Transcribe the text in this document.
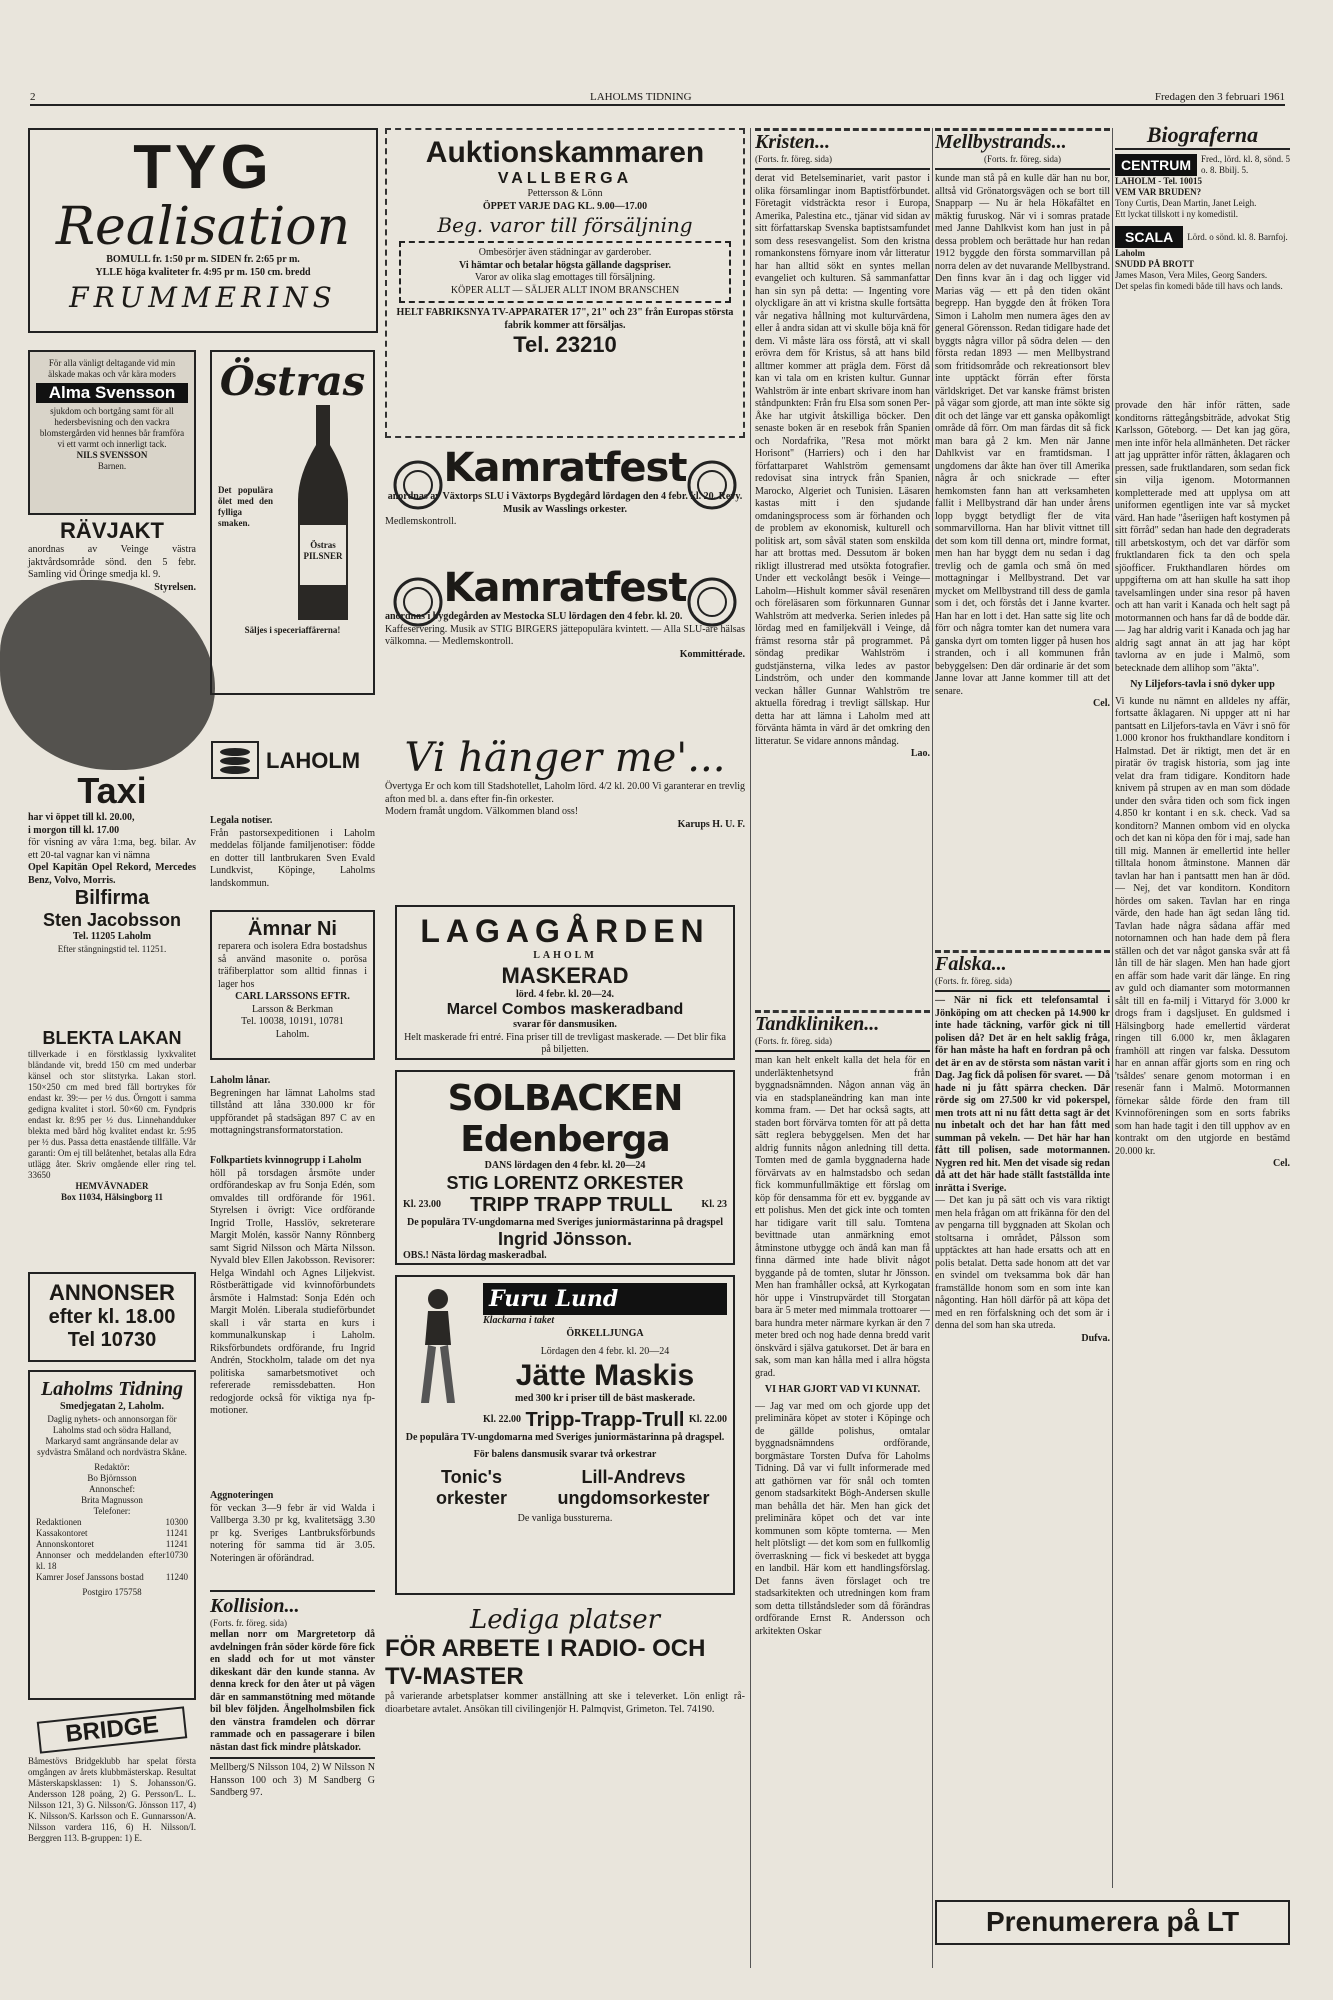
2	LAHOLMS TIDNING	Fredagen den 3 februari 1961
TYG
Realisation
BOMULL fr. 1:50 pr m. SIDEN fr. 2:65 pr m.
YLLE höga kvaliteter fr. 4:95 pr m. 150 cm. bredd
FRUMMERINS
För alla vänligt deltagande vid min älskade makas och vår kära moders
Alma Svensson
sjukdom och bortgång samt för all hedersbevisning och den vackra blomstergården vid hennes bår framföra vi ett varmt och innerligt tack.
NILS SVENSSON
Barnen.
RÄVJAKT
anordnas av Veinge västra jaktvårdsområde sönd. den 5 febr. Samling vid Öringe smedja kl. 9.
Styrelsen.
Taxi
har vi öppet till kl. 20.00,
i morgon till kl. 17.00
för visning av våra 1:ma, beg. bilar. Av ett 20-tal vagnar kan vi nämna
Opel Kapitän Opel Rekord, Mercedes Benz, Volvo, Morris.
Bilfirma
Sten Jacobsson
Tel. 11205 Laholm
Efter stängningstid tel. 11251.
BLEKTA LAKAN
tillverkade i en förstklassig lyxkvalitet bländande vit, bredd 150 cm med underbar känsel och stor slitstyrka. Lakan storl. 150×250 cm med bred fåll bortrykes för endast kr. 39:— per ½ dus. Örngott i samma gedigna kvalitet i storl. 50×60 cm. Fyndpris endast kr. 8:95 per ½ dus. Linnehandduker blekta med bård hög kvalitet endast kr. 5:95 per ½ dus. Passa detta enastående tillfälle. Vår garanti: Om ej till belåtenhet, betalas alla Edra utlägg åter. Skriv omgående eller ring tel. 33650
HEMVÄVNADER
Box 11034, Hälsingborg 11
ANNONSER
efter kl. 18.00
Tel 10730
Laholms Tidning
Smedjegatan 2, Laholm.
Daglig nyhets- och annonsorgan för Laholms stad och södra Halland, Markaryd samt angränsande delar av sydvästra Småland och nordvästra Skåne.
Redaktör:
Bo Björnsson
Annonschef:
Brita Magnusson
Telefoner:
Redaktionen	10300
Kassakontoret	11241
Annonskontoret	11241
Annonser och meddelanden efter kl. 18
10730
Kamrer Josef Janssons bostad 11240
Postgiro 175758
BRIDGE
Båmestövs Bridgeklubb har spelat första omgången av årets klubbmästerskap. Resultat Mästerskapsklassen: 1) S. Johansson/G. Andersson 128 poäng, 2) G. Persson/L. L. Nilsson 121, 3) G. Nilsson/G. Jönsson 117, 4) K. Nilsson/S. Karlsson och E. Gunnarsson/A. Nilsson vardera 116, 6) H. Nilsson/I. Berggren 113. B-gruppen: 1) E.
Östras
Det populära ölet med den fylliga smaken.
Östras PILSNER
Säljes i speceriaffärerna!
LAHOLM
Legala notiser.
Från pastorsexpeditionen i Laholm meddelas följande familjenotiser: födde en dotter till lantbrukaren Sven Evald Lundkvist, Köpinge, Laholms landskommun.
Ämnar Ni
reparera och isolera Edra bostadshus så använd masonite o. porösa träfiberplattor som alltid finnas i lager hos
CARL LARSSONS EFTR.
Larsson & Berkman
Tel. 10038, 10191, 10781
Laholm.
Laholm lånar.
Begreningen har lämnat Laholms stad tillstånd att låna 330.000 kr för uppförandet på stadsägan 897 C av en mottagningstransformatorstation.
Folkpartiets kvinnogrupp i Laholm
höll på torsdagen årsmöte under ordförandeskap av fru Sonja Edén, som omvaldes till ordförande för 1961. Styrelsen i övrigt: Vice ordförande Ingrid Trolle, Hasslöv, sekreterare Margit Molén, kassör Nanny Rönnberg samt Sigrid Nilsson och Märta Nilsson. Nyvald blev Ellen Jakobsson. Revisorer: Helga Windahl och Agnes Liljekvist. Röstberättigade vid kvinnoförbundets årsmöte i Halmstad: Sonja Edén och Margit Molén. Liberala studieförbundet skall i vår starta en kurs i kommunalkunskap i Laholm. Riksförbundets ordförande, fru Ingrid Andrén, Stockholm, talade om det nya politiska samarbetsmotivet och refererade remissdebatten. Hon redogjorde också för viktiga nya fp-motioner.
Aggnoteringen
för veckan 3—9 febr är vid Walda i Vallberga 3.30 pr kg, kvalitetsägg 3.30 pr kg. Sveriges Lantbruksförbunds notering för samma tid är 3.05. Noteringen är oförändrad.
Kollision...
(Forts. fr. föreg. sida)
mellan norr om Margretetorp då avdelningen från söder körde före fick en sladd och for ut mot vänster dikeskant där den kunde stanna. Av denna kreck for den åter ut på vägen där en sammanstötning med mötande bil blev följden. Ängelholmsbilen fick den vänstra framdelen och dörrar rammade och en passagerare i bilen nästan dast fick mindre plåtskador.
Mellberg/S Nilsson 104, 2) W Nilsson N Hansson 100 och 3) M Sandberg G Sandberg 97.
Auktionskammaren
VALLBERGA
Pettersson & Lönn
ÖPPET VARJE DAG KL. 9.00—17.00
Beg. varor till försäljning
Ombesörjer även städningar av garderober.
Vi hämtar och betalar högsta gällande dagspriser.
Varor av olika slag emottages till försäljning.
KÖPER ALLT — SÄLJER ALLT INOM BRANSCHEN
HELT FABRIKSNYA TV-APPARATER 17", 21" och 23" från Europas största fabrik kommer att försäljas.
Tel. 23210
Kamratfest
anordnas av Växtorps SLU i Växtorps Bygdegård lördagen den 4 febr. kl. 20. Revy. Musik av Wasslings orkester.
Medlemskontroll.
Kamratfest
anordnas i bygdegården av Mestocka SLU lördagen den 4 febr. kl. 20.
Kaffeservering. Musik av STIG BIRGERS jättepopulära kvintett. — Alla SLU-are hälsas välkomna. — Medlemskontroll.
Kommittérade.
Vi hänger me'...
Övertyga Er och kom till Stadshotellet, Laholm lörd. 4/2 kl. 20.00 Vi garanterar en trevlig afton med bl. a. dans efter fin-fin orkester.
Modern framåt ungdom. Välkommen bland oss!
Karups H. U. F.
LAGAGÅRDEN
LAHOLM
MASKERAD
lörd. 4 febr. kl. 20—24.
Marcel Combos maskeradband
svarar för dansmusiken.
Helt maskerade fri entré. Fina priser till de trevligast maskerade. — Det blir fika på biljetten.
SOLBACKEN Edenberga
DANS lördagen den 4 febr. kl. 20—24
STIG LORENTZ ORKESTER
Kl. 23.00 TRIPP TRAPP TRULL	Kl. 23
De populära TV-ungdomarna med Sveriges juniormästarinna på dragspel
Ingrid Jönsson.
OBS.! Nästa lördag maskeradbal.
Furu Lund
Klackarna i taket
ÖRKELLJUNGA
Lördagen den 4 febr. kl. 20—24
Jätte Maskis
med 300 kr i priser till de bäst maskerade.
Kl. 22.00 Tripp-Trapp-Trull Kl. 22.00
De populära TV-ungdomarna med Sveriges juniormästarinna på dragspel.
För balens dansmusik svarar två orkestrar
Tonic's orkester
Lill-Andrevs ungdomsorkester
De vanliga bussturerna.
Lediga platser
FÖR ARBETE I RADIO- OCH TV-MASTER
på varierande arbetsplatser kommer anställning att ske i televerket. Lön enligt rå-dioarbetare avtalet. Ansökan till civilingenjör H. Palmqvist, Grimeton. Tel. 74190.
Kristen...
(Forts. fr. föreg. sida)
derat vid Betelseminariet, varit pastor i olika församlingar inom Baptistförbundet. Företagit vidsträckta resor i Europa, Amerika, Palestina etc., tjänar vid sidan av sitt författarskap Svenska baptistsamfundet som dess resesvangelist. Som den kristna romankonstens förnyare inom vår litteratur har han alltid sökt en syntes mellan evangeliet och kulturen. Så sammanfattar han sin syn på detta: — Ingenting vore olyckligare än att vi kristna skulle fortsätta vår negativa hållning mot kulturvärdena, eller å andra sidan att vi skulle böja knä för dem. Vi måste lära oss förstå, att vi skall erövra dem för Kristus, så att hans bild alltmer kommer att prägla dem. Först då kan vi tala om en kristen kultur. Gunnar Wahlström är inte enbart skrivare inom han ståndpunkten: Från fru Elsa som sonen Per-Åke har utgivit åtskilliga böcker. Den senaste boken är en resebok från Spanien och Nordafrika, "Resa mot mörkt Horisont" (Harriers) och i den har författarparet Wahlström gemensamt redovisat sina intryck från Spanien, Marocko, Algeriet och Tunisien. Läsaren kastas mitt i den sjudande omdaningsprocess som är förhanden och de problem av ekonomisk, kulturell och politisk art, som såväl staten som enskilda har att brottas med. Dessutom är boken rikligt illustrerad med utsökta fotografier. Under ett veckolångt besök i Veinge—Laholm—Hishult kommer såväl resenären och föreläsaren som förkunnaren Gunnar Wahlström att medverka. Serien inledes på lördag med en familjekväll i Veinge, då främst resorna står på programmet. På söndag predikar Wahlström i gudstjänsterna, vilka ledes av pastor Lindström, och under den kommande veckan håller Gunnar Wahlström tre aktuella föredrag i trevligt sällskap. Hur detta har att lämna i Laholm med att förvänta hämta in värd är det omkring den litteratur. Se vidare annons måndag.
Lao.
Tandkliniken...
(Forts. fr. föreg. sida)
man kan helt enkelt kalla det hela för en underläktenhetsynd från byggnadsnämnden. Någon annan väg än via en stadsplaneändring kan man inte komma fram. — Det har också sagts, att staden bort förvärva tomten för att på detta sätt reglera bebyggelsen. Men det har aldrig funnits någon anledning till detta. Tomten med de gamla byggnaderna hade förvärvats av en halmstadsbo och sedan fick kommunfullmäktige ett förslag om köp för densamma för ett ev. byggande av ett polishus. Men det gick inte och tomten har tidigare varit till salu. Tomtena bevittnade utan anmärkning emot åtminstone utbygge och ändå kan man få finna därmed inte hade blivit något byggande på de tomten, slutar hr Jönsson. Men han framhåller också, att Kyrkogatan hör uppe i Vinstrupvärdet till Storgatan bara är 5 meter med mimmala trottoarer — bara hundra meter närmare kyrkan är den 7 meter bred och nog hade denna bredd varit önskvärd i själva gatukorset. Det är bara en sak, som man kan hålla med i allra högsta grad.
VI HAR GJORT VAD VI KUNNAT.
— Jag var med om och gjorde upp det preliminära köpet av stoter i Köpinge och de gällde polishus, omtalar byggnadsnämndens ordförande, borgmästare Torsten Dufva för Laholms Tidning. Då var vi fullt informerade med att gathörnen var för snål och tomten genom stadsarkitekt Bögh-Andersen skulle man behålla det här. Men han gick det preliminära köpet och det var inte kommunen som köpte tomterna. — Men helt plötsligt — det kom som en fullkomlig överraskning — fick vi beskedet att bygga en landbil. Här kom ett handlingsförslag. Det fanns även förslaget och tre stadsarkitekten och utredningen kom fram som detta tillståndsleder som då förändras ordförande Ernst R. Andersson och arkitekten Oskar
Mellbystrands...
(Forts. fr. föreg. sida)
kunde man stå på en kulle där han nu bor, alltså vid Grönatorgsvägen och se bort till Snapparp — Nu är hela Hökafältet en mäktig furuskog. När vi i somras pratade med Janne Dahlkvist kom han just in på dessa problem och berättade hur han redan 1912 byggde den första sommarvillan på norra delen av det nuvarande Mellbystrand. Den finns kvar än i dag och ligger vid Marias väg — ett på den tiden okänt begrepp. Han byggde den åt fröken Tora Simon i Laholm men numera äges den av general Görensson. Redan tidigare hade det byggts några villor på södra delen — den första redan 1893 — men Mellbystrand som fritidsområde och rekreationsort blev inte upptäckt förrän efter första världskriget. Det var kanske främst bristen på vägar som gjorde, att man inte sökte sig dit och det länge var ett ganska opåkomligt område då förr. Om man färdas dit så fick man bara gå 2 km. Men när Janne Dahlkvist var en framtidsman. I ungdomens dar åkte han över till Amerika några år och snickrade — efter hemkomsten fann han att verksamheten fallit i Mellbystrand där han under årens lopp byggt betydligt fler de vita sommarvillorna. Han har blivit vittnet till det som kom till denna ort, mindre format, men han har byggt dem nu sedan i dag trevlig och de gamla och små ön med mottagningar i Mellbystrand. Det var mycket om Mellbystrand till dess de gamla som i det, och förstås det i Janne kvarter. Han har en lott i det. Han satte sig lite och förr och några tomter kan det numera vara ganska dyrt om tomten ligger på husen hos stranden, och i all kommunen från bebyggelsen: Den där ordinarie är det som Janne lovar att Janne kommer till att det senare.
Cel.
Falska...
(Forts. fr. föreg. sida)
— När ni fick ett telefonsamtal i Jönköping om att checken på 14.900 kr inte hade täckning, varför gick ni till polisen då? Det är en helt saklig fråga, för han måste ha haft en fordran på och det är en av de största som nästan varit i Dag. Jag fick då polisen för svaret. — Då hade ni ju fått spärra checken. Där rörde sig om 27.500 kr vid pokerspel, men trots att ni nu fått detta sagt är det nu inbetalt och det har han fått med summan på vekeln. — Det här har han fått till polisen, sade motormannen. Nygren red hit. Men det visade sig redan då att det här hade ställt fastställda inte inrätta i Sverige.
— Det kan ju på sätt och vis vara riktigt men hela frågan om att frikänna för den del av pengarna till byggnaden att Skolan och stoltsarna i området, Pålsson som upptäcktes att han hade ersatts och att en polis betalat. Detta sade honom att det var en svindel om tveksamma bok där han framställde honom som en som inte kan någonting. Han höll därför på att köpa det med en ren förfalskning och det som är i denna del som han ska utreda.
Dufva.
Prenumerera på LT
Biograferna
CENTRUM	Fred., lörd. kl. 8, sönd. 5 o. 8. Bbilj. 5.
LAHOLM - Tel. 10015
VEM VAR BRUDEN?
Tony Curtis, Dean Martin, Janet Leigh.
Ett lyckat tillskott i ny komedistil.
SCALA	Lörd. o sönd. kl. 8. Barnfoj.
Laholm
SNUDD PÅ BROTT
James Mason, Vera Miles, Georg Sanders.
Det spelas fin komedi både till havs och lands.
provade den här inför rätten, sade konditorns rättegångsbiträde, advokat Stig Karlsson, Göteborg. — Det kan jag göra, men inte inför hela allmänheten. Det räcker att jag upprätter inför rätten, åklagaren och pressen, sade fruktlandaren, som sedan fick sin vilja igenom. Motormannen kompletterade med att upplysa om att uniformen egentligen inte var så mycket värd. Han hade "åseriigen haft kostymen på sitt förråd" sedan han hade den degraderats till arbetskostym, och det var därför som fruktlandaren fick ta den och spela sjöofficer. Frukthandlaren hördes om uppgifterna om att han skulle ha satt ihop tavelsamlingen under sina resor på haven och att han varit i Kanada och helt sagt på motormannen och hans far då de bodde där. — Jag har aldrig varit i Kanada och jag har aldrig sagt annat än att jag har köpt tavlorna av en jude i Malmö, som betecknade dem allihop som "äkta".
Ny Liljefors-tavla i snö dyker upp
Vi kunde nu nämnt en alldeles ny affär, fortsatte åklagaren. Ni uppger att ni har pantsatt en Liljefors-tavla en Vävr i snö för 1.000 kronor hos frukthandlare konditorn i Halmstad. Det är riktigt, men det är en piratär öv tragisk historia, som jag inte velat dra fram tidigare. Konditorn hade knivem på strupen av en man som dödade under den svåra tiden och som fick ingen 4.850 kr kontant i en s.k. check. Vad sa konditorn? Mannen ombom vid en olycka och det kan ni köpa den för i maj, sade han till mig. Mannen är emellertid inte heller tilltala honom åtminstone. Mannen där tavlan har han i pantsattt men han är död. — Nej, det var konditorn. Konditorn hördes om saken. Tavlan har en ringa värde, den hade han ägt sedan lång tid. Tavlan hade några sådana affär med notornamnen och han hade dem på flera ställen och det var något ganska svår att få lån till de här slagen. Men han hade gjort en affär som hade varit där länge. En ring av guld och diamanter som motormannen sålt till en fa-milj i Vittaryd för 3.000 kr drogs fram i dagsljuset. En guldsmed i Hälsingborg hade emellertid värderat ringen till 6.000 kr, men åklagaren framhöll att ringen var falska. Dessutom har en annan affär gjorts som en ring och 'tsåldes' senare genom motorman i en resenär fann i Malmö. Motormannen förnekar sålde förde den fram till Kvinnoföreningen som en sorts fabriks som han hade tagit i den till upphov av en kontrakt om den utgjorde en bestämd 20.000 kr.
Cel.
